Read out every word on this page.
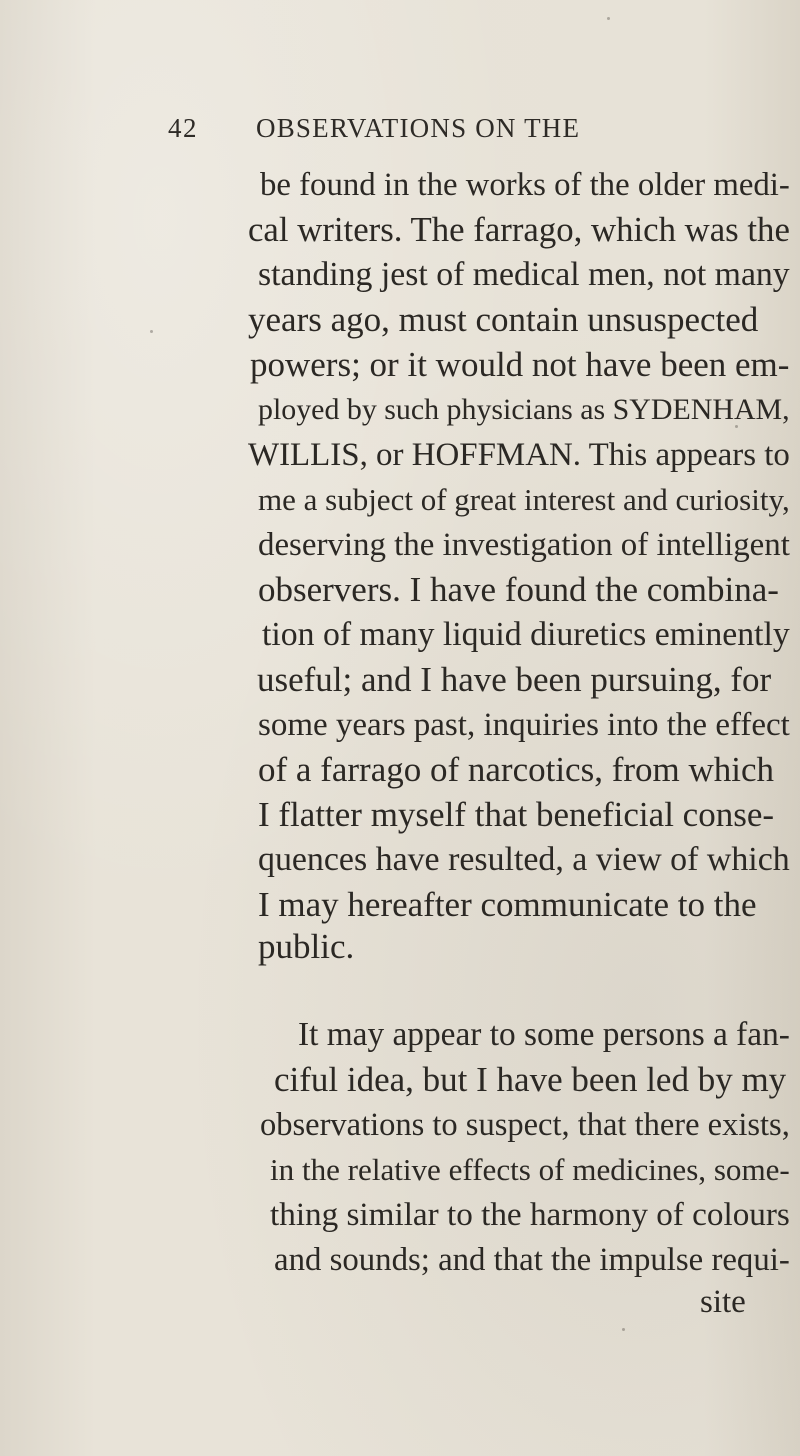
42 OBSERVATIONS ON THE
be found in the works of the older medi-
cal writers. The farrago, which was the
standing jest of medical men, not many
years ago, must contain unsuspected
powers; or it would not have been em-
ployed by such physicians as SYDENHAM,
WILLIS, or HOFFMAN. This appears to
me a subject of great interest and curiosity,
deserving the investigation of intelligent
observers. I have found the combina-
tion of many liquid diuretics eminently
useful; and I have been pursuing, for
some years past, inquiries into the effect
of a farrago of narcotics, from which
I flatter myself that beneficial conse-
quences have resulted, a view of which
I may hereafter communicate to the
public.
It may appear to some persons a fan-
ciful idea, but I have been led by my
observations to suspect, that there exists,
in the relative effects of medicines, some-
thing similar to the harmony of colours
and sounds; and that the impulse requi-
site
